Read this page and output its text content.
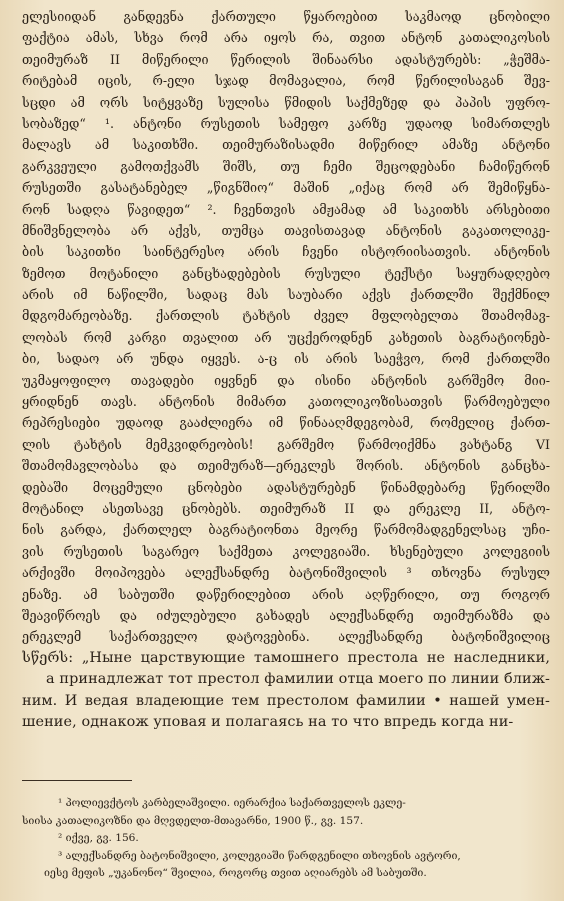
ელესიიდან განდევნა ქართული წყაროებით საკმაოდ ცნობილი
ფაქტია ამას, სხვა რომ არა იყოს რა, თვით ანტონ კათალიკოსის
თეიმურაზ II მიწერილი წერილის შინაარსი ადასტურებს: „ჭეშმა-
რიტებამ იცის, რ-ელი სჯად მომავალია, რომ წერილისაგან შევ-
სცდი ამ ორს სიტყვაზე სულისა წმიდის საქმეზედ და პაპის უფრო-
სობაზედ“ ¹. ანტონი რუსეთის სამეფო კარზე უდაოდ სიმართლეს
მალავს ამ საკითხში. თეიმურაზისადმი მიწერილ ამაზე ანტონი
გარკვეული გამოთქვამს შიშს, თუ ჩემი შეცოდებანი ჩამიწერონ
რუსეთში გასატანებელ „წიგნშიო“ მაშინ „იქაც რომ არ შემიწყნა-
რონ სადღა წავიდეთ“ ². ჩვენთვის ამჟამად ამ საკითხს არსებითი
მნიშვნელობა არ აქვს, თუმცა თავისთავად ანტონის გაკათოლიკე-
ბის საკითხი საინტერესო არის ჩვენი ისტორიისათვის. ანტონის
ზემოთ მოტანილი განცხადებების რუსული ტექსტი საყურადღებო
არის იმ ნაწილში, სადაც მას საუბარი აქვს ქართლში შექმნილ
მდგომარეობაზე. ქართლის ტახტის ძველ მფლობელთა შთამომავ-
ლობას რომ კარგი თვალით არ უცქეროდნენ კახეთის ბაგრატიონებ-
ბი, სადაო არ უნდა იყვეს. ა-ც ის არის საეჭვო, რომ ქართლში
უკმაყოფილო თავადები იყვნენ და ისინი ანტონის გარშემო მიი-
ყრიდნენ თავს. ანტონის მიმართ კათოლიკოზისათვის წარმოებული
რეპრესიები უდაოდ გააძლიერა იმ წინააღმდეგობამ, რომელიც ქართ-
ლის ტახტის მემკვიდრეობის! გარშემო წარმოიქმნა ვახტანგ VI
შთამომავლობასა და თეიმურაზ—ერეკლეს შორის. ანტონის განცხა-
დებაში მოცემული ცნობები ადასტურებენ წინამდებარე წერილში
მოტანილ ასეთსავე ცნობებს. თეიმურაზ II და ერეკლე II, ანტო-
ნის გარდა, ქართლელ ბაგრატიონთა მეორე წარმომადგენელსაც უჩი-
ვის რუსეთის საგარეო საქმეთა კოლეგიაში. ხსენებული კოლეგიის
არქივში მოიპოვება ალექსანდრე ბატონიშვილის ³ თხოვნა რუსულ
ენაზე. ამ საბუთში დაწერილებით არის აღწერილი, თუ როგორ
შეავიწროეს და იძულებული გახადეს ალექსანდრე თეიმურაზმა და
ერეკლემ საქართველო დატოვებინა. ალექსანდრე ბატონიშვილიც
სწერს: „Ныне царствующие тамошнего престола не наследники,
а принадлежат тот престол фамилии отца моего по линии ближ-
ним. И ведая владеющие тем престолом фамилии • нашей умен-
шение, однакож уповая и полагаясь на то что впредь когда ни-
¹ პოლიევქტოს კარბელაშვილი. იერარქია საქართველოს ეკლე-
სიისა კათალიკოზნი და მღვდელთ-მთავარნი, 1900 წ., გვ. 157.
² იქვე, გვ. 156.
³ ალექსანდრე ბატონიშვილი, კოლეგიაში წარდგენილი თხოვნის ავტორი,
იესე მეფის „უკანონო“ შვილია, როგორც თვით აღიარებს ამ საბუთში.
